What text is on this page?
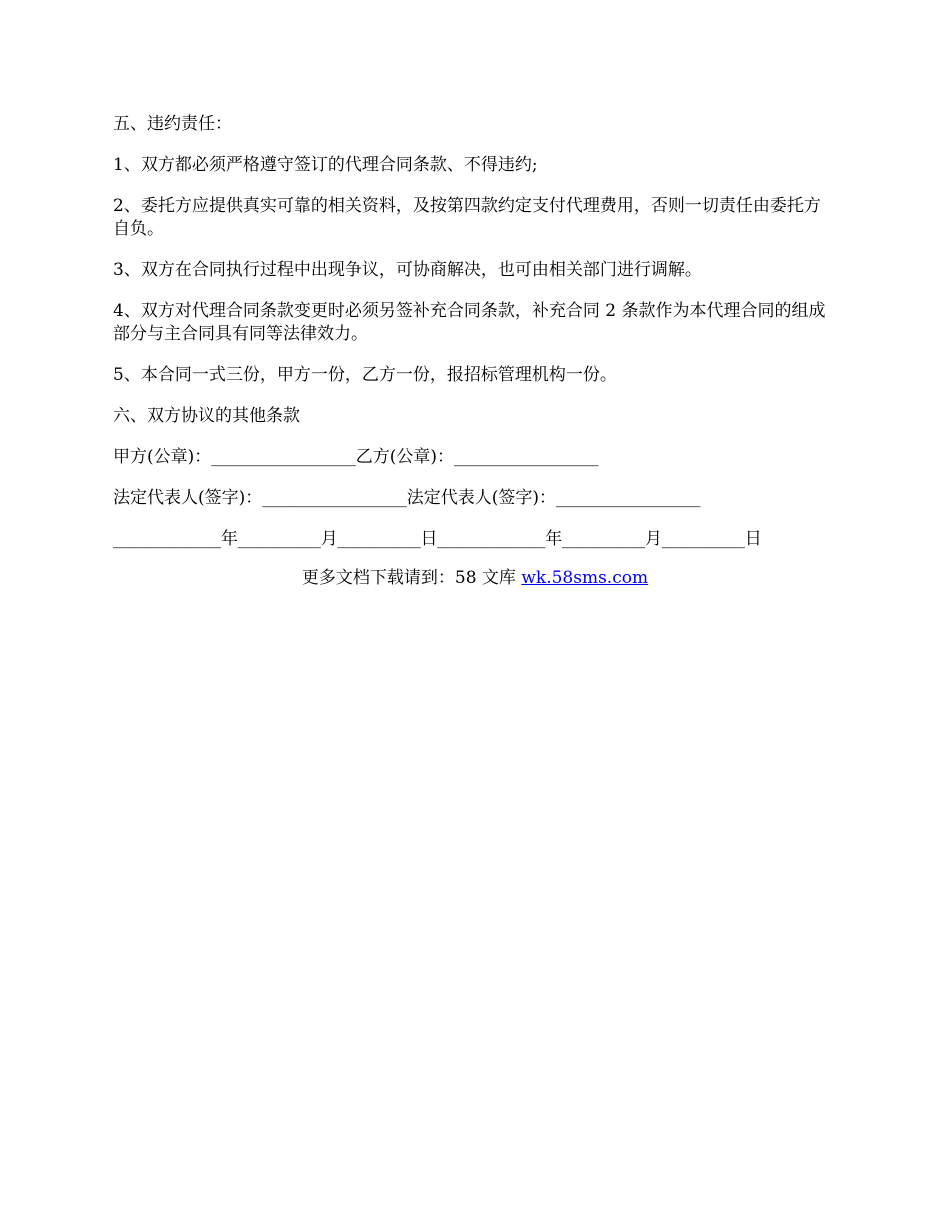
五、违约责任：

1、双方都必须严格遵守签订的代理合同条款、不得违约;

2、委托方应提供真实可靠的相关资料，及按第四款约定支付代理费用，否则一切责任由委托方自负。

3、双方在合同执行过程中出现争议，可协商解决，也可由相关部门进行调解。

4、双方对代理合同条款变更时必须另签补充合同条款，补充合同 2 条款作为本代理合同的组成部分与主合同具有同等法律效力。

5、本合同一式三份，甲方一份，乙方一份，报招标管理机构一份。

六、双方协议的其他条款

甲方(公章)：_________________乙方(公章)：_________________

法定代表人(签字)：_________________法定代表人(签字)：_________________

_____________年__________月__________日_____________年__________月__________日

更多文档下载请到：58 文库 wk.58sms.com
